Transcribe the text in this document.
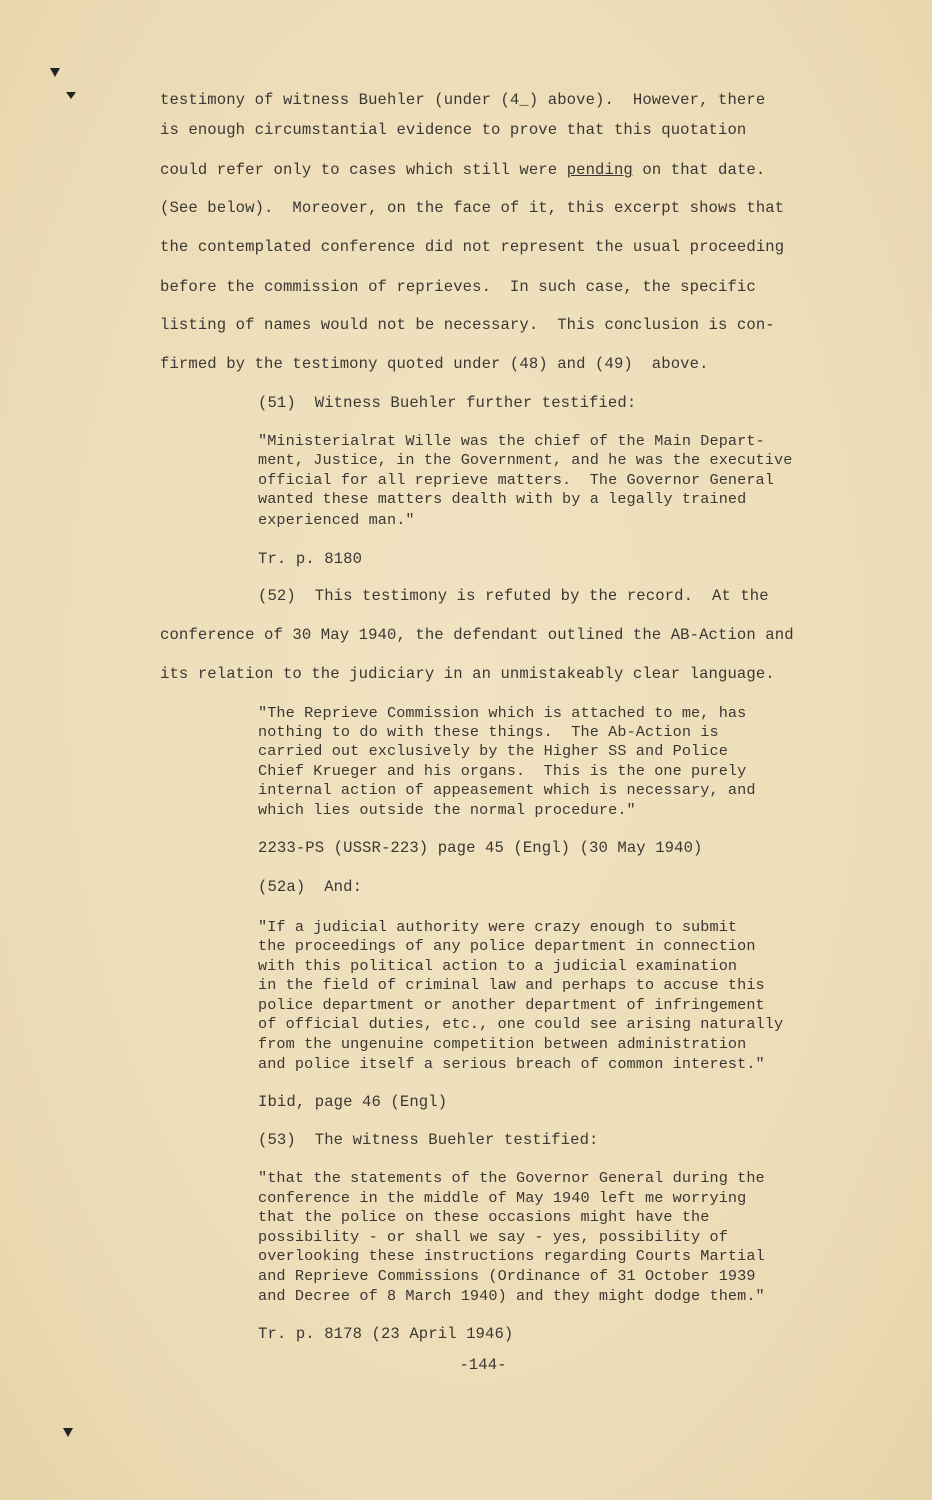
testimony of witness Buehler (under (4_) above).  However, there
is enough circumstantial evidence to prove that this quotation
could refer only to cases which still were pending on that date.
(See below).  Moreover, on the face of it, this excerpt shows that
the contemplated conference did not represent the usual proceeding
before the commission of reprieves.  In such case, the specific
listing of names would not be necessary.  This conclusion is con-
firmed by the testimony quoted under (48) and (49)  above.
(51)  Witness Buehler further testified:
"Ministerialrat Wille was the chief of the Main Depart-
ment, Justice, in the Government, and he was the executive
official for all reprieve matters.  The Governor General
wanted these matters dealth with by a legally trained
experienced man."
Tr. p. 8180
(52)  This testimony is refuted by the record.  At the
conference of 30 May 1940, the defendant outlined the AB-Action and
its relation to the judiciary in an unmistakeably clear language.
"The Reprieve Commission which is attached to me, has
nothing to do with these things.  The Ab-Action is
carried out exclusively by the Higher SS and Police
Chief Krueger and his organs.  This is the one purely
internal action of appeasement which is necessary, and
which lies outside the normal procedure."
2233-PS (USSR-223) page 45 (Engl) (30 May 1940)
(52a)  And:
"If a judicial authority were crazy enough to submit
the proceedings of any police department in connection
with this political action to a judicial examination
in the field of criminal law and perhaps to accuse this
police department or another department of infringement
of official duties, etc., one could see arising naturally
from the ungenuine competition between administration
and police itself a serious breach of common interest."
Ibid, page 46 (Engl)
(53)  The witness Buehler testified:
"that the statements of the Governor General during the
conference in the middle of May 1940 left me worrying
that the police on these occasions might have the
possibility - or shall we say - yes, possibility of
overlooking these instructions regarding Courts Martial
and Reprieve Commissions (Ordinance of 31 October 1939
and Decree of 8 March 1940) and they might dodge them."
Tr. p. 8178 (23 April 1946)
-144-
